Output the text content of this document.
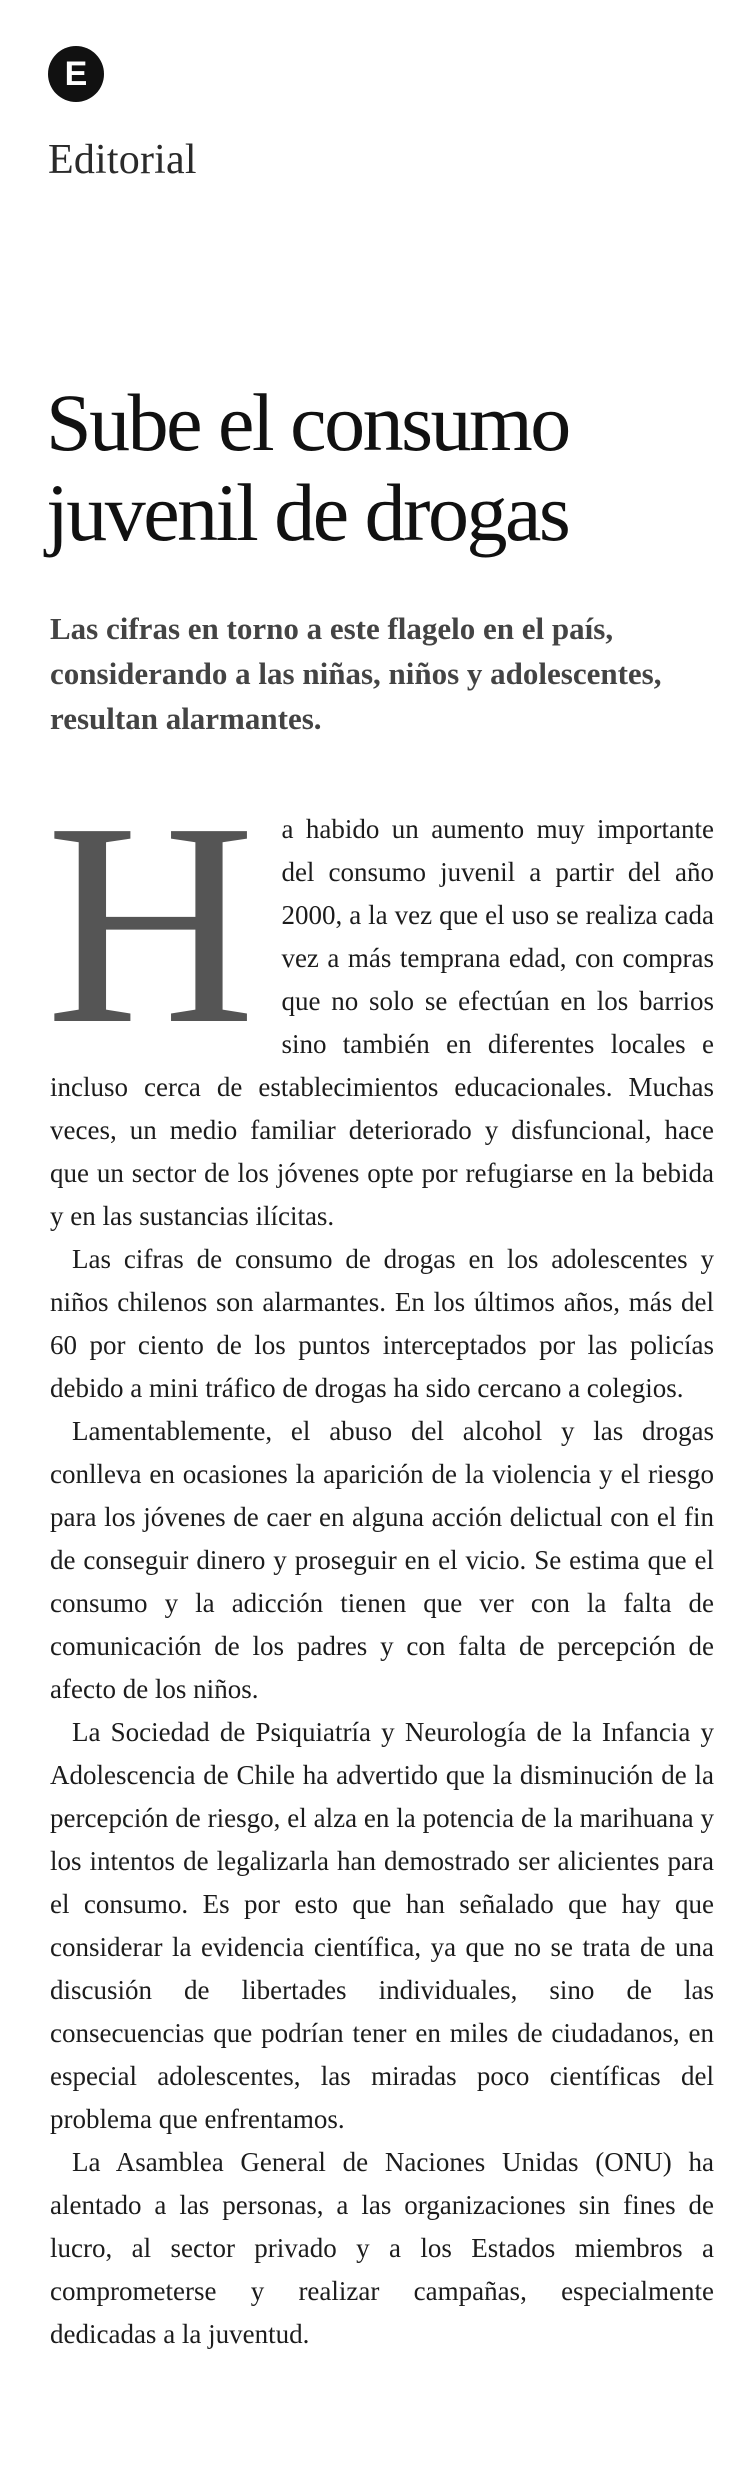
E
Editorial
Sube el consumo juvenil de drogas

Las cifras en torno a este flagelo en el país, considerando a las niñas, niños y adolescentes, resultan alarmantes.

H a habido un aumento muy importante del consumo juvenil a partir del año 2000, a la vez que el uso se realiza cada vez a más temprana edad, con compras que no solo se efectúan en los barrios sino también en diferentes locales e incluso cerca de establecimientos educacionales. Muchas veces, un medio familiar deteriorado y disfuncional, hace que un sector de los jóvenes opte por refugiarse en la bebida y en las sustancias ilícitas.

Las cifras de consumo de drogas en los adolescentes y niños chilenos son alarmantes. En los últimos años, más del 60 por ciento de los puntos interceptados por las policías debido a mini tráfico de drogas ha sido cercano a colegios.

Lamentablemente, el abuso del alcohol y las drogas conlleva en ocasiones la aparición de la violencia y el riesgo para los jóvenes de caer en alguna acción delictual con el fin de conseguir dinero y proseguir en el vicio. Se estima que el consumo y la adicción tienen que ver con la falta de comunicación de los padres y con falta de percepción de afecto de los niños.

La Sociedad de Psiquiatría y Neurología de la Infancia y Adolescencia de Chile ha advertido que la disminución de la percepción de riesgo, el alza en la potencia de la marihuana y los intentos de legalizarla han demostrado ser alicientes para el consumo. Es por esto que han señalado que hay que considerar la evidencia científica, ya que no se trata de una discusión de libertades individuales, sino de las consecuencias que podrían tener en miles de ciudadanos, en especial adolescentes, las miradas poco científicas del problema que enfrentamos.

La Asamblea General de Naciones Unidas (ONU) ha alentado a las personas, a las organizaciones sin fines de lucro, al sector privado y a los Estados miembros a comprometerse y realizar campañas, especialmente dedicadas a la juventud.
